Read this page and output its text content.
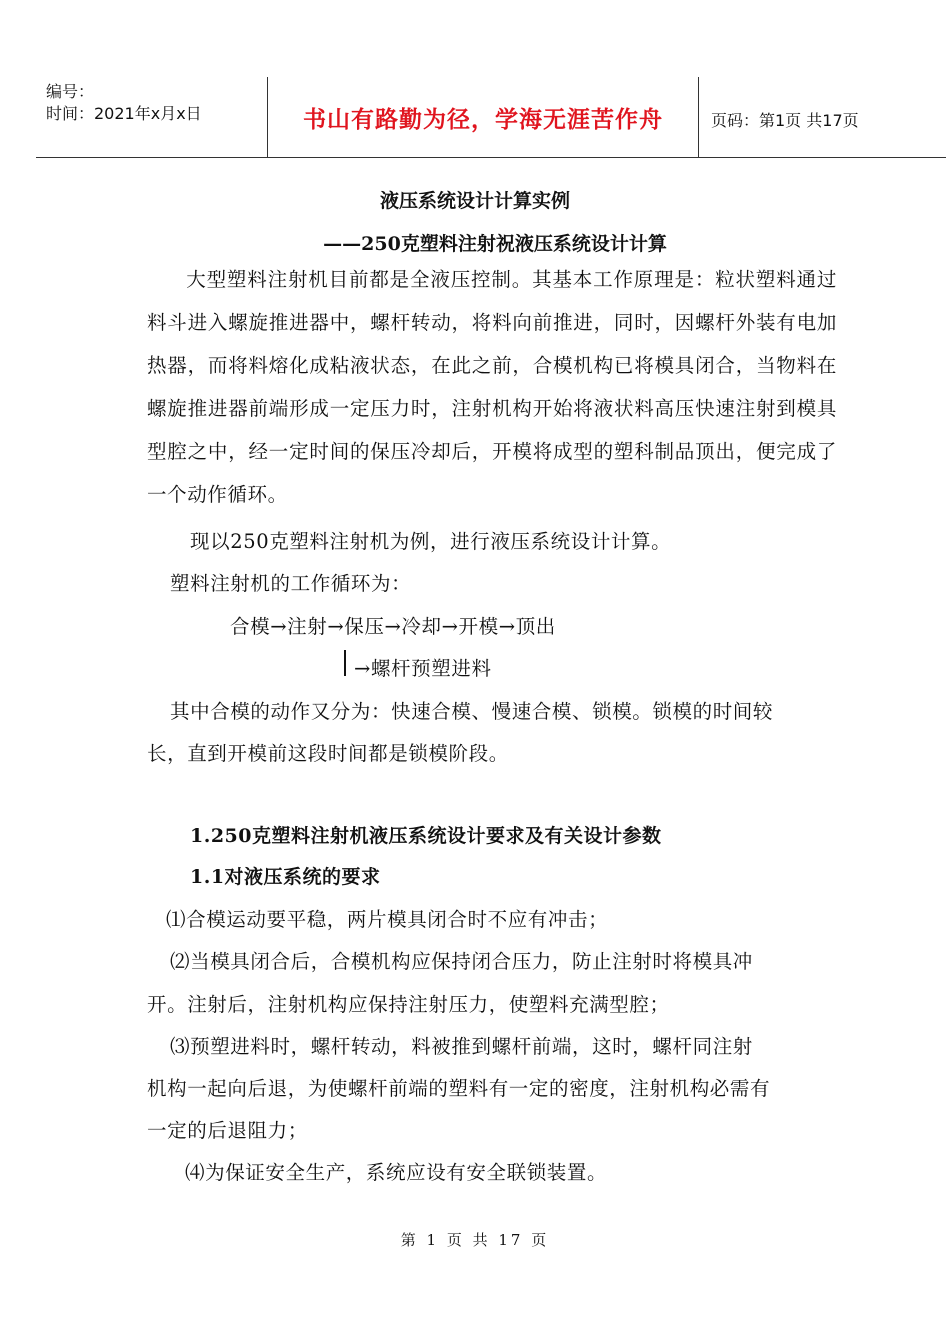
编号：
时间：2021年x月x日	书山有路勤为径，学海无涯苦作舟	页码：第1页 共17页
液压系统设计计算实例
——250克塑料注射祝液压系统设计计算
大型塑料注射机目前都是全液压控制。其基本工作原理是：粒状塑料通过料斗进入螺旋推进器中，螺杆转动，将料向前推进，同时，因螺杆外装有电加热器，而将料熔化成粘液状态，在此之前，合模机构已将模具闭合，当物料在螺旋推进器前端形成一定压力时，注射机构开始将液状料高压快速注射到模具型腔之中，经一定时间的保压冷却后，开模将成型的塑科制品顶出，便完成了一个动作循环。
现以250克塑料注射机为例，进行液压系统设计计算。
塑料注射机的工作循环为：
合模→注射→保压→冷却→开模→顶出
→螺杆预塑进料
其中合模的动作又分为：快速合模、慢速合模、锁模。锁模的时间较
长，直到开模前这段时间都是锁模阶段。
1.250克塑料注射机液压系统设计要求及有关设计参数
1.1对液压系统的要求
⑴合模运动要平稳，两片模具闭合时不应有冲击；
⑵当模具闭合后，合模机构应保持闭合压力，防止注射时将模具冲
开。注射后，注射机构应保持注射压力，使塑料充满型腔；
⑶预塑进料时，螺杆转动，料被推到螺杆前端，这时，螺杆同注射
机构一起向后退，为使螺杆前端的塑料有一定的密度，注射机构必需有
一定的后退阻力；
⑷为保证安全生产，系统应设有安全联锁装置。
第 1 页 共 17 页
